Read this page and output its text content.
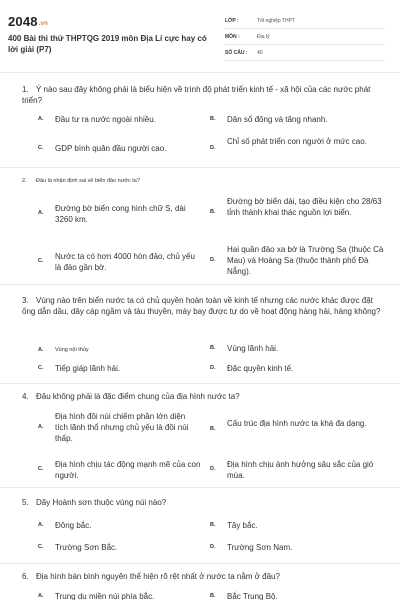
2048.vn
400 Bài thi thử THPTQG 2019 môn Địa Lí cực hay có lời giải (P7)
LỚP :	Tốt nghiệp THPT
MÔN :	Địa lý
SỐ CÂU :	40
1. Ý nào sau đây không phải là biểu hiện về trình độ phát triển kinh tế - xã hội của các nước phát triển?
A. Đầu tư ra nước ngoài nhiều.	B. Dân số đông và tăng nhanh.
C. GDP bình quân đầu người cao.	D.
Chỉ số phát triển con người ở mức cao.
2. Đâu là nhận định sai về biển đảo nước ta?
A. Đường bờ biển cong hình chữ S, dài 3260 km.
B.
Đường bờ biển dài, tạo điều kiện cho 28/63 tỉnh thành khai thác nguồn lợi biển.
C. Nước ta có hơn 4000 hòn đảo, chủ yếu là đảo gần bờ.
D.
Hai quần đảo xa bờ là Trường Sa (thuộc Cà Mau) và Hoàng Sa (thuộc thành phố Đà Nẵng).
3. Vùng nào trên biển nước ta có chủ quyền hoàn toàn về kinh tế nhưng các nước khác được đặt ống dẫn dầu, dây cáp ngầm và tàu thuyền, máy bay được tự do về hoạt động hàng hải, hàng không?
A. Vùng nội thủy	B. Vùng lãnh hải.
C. Tiếp giáp lãnh hải.	D. Đặc quyền kinh tế.
4. Đâu không phải là đặc điểm chung của địa hình nước ta?
A.
Địa hình đồi núi chiếm phần lớn diện tích lãnh thổ nhưng chủ yếu là đồi núi thấp.
B.
Cấu trúc địa hình nước ta khá đa dạng.
C. Địa hình chịu tác động mạnh mẽ của con người.
D. Địa hình chịu ảnh hưởng sâu sắc của gió mùa.
5. Dãy Hoành sơn thuộc vùng núi nào?
A. Đông bắc.	B. Tây bắc.
C. Trường Sơn Bắc.	D. Trường Sơn Nam.
6. Địa hình bán bình nguyên thể hiện rõ rệt nhất ở nước ta nằm ở đâu?
A. Trung du miền núi phía bắc.	B. Bắc Trung Bộ.
